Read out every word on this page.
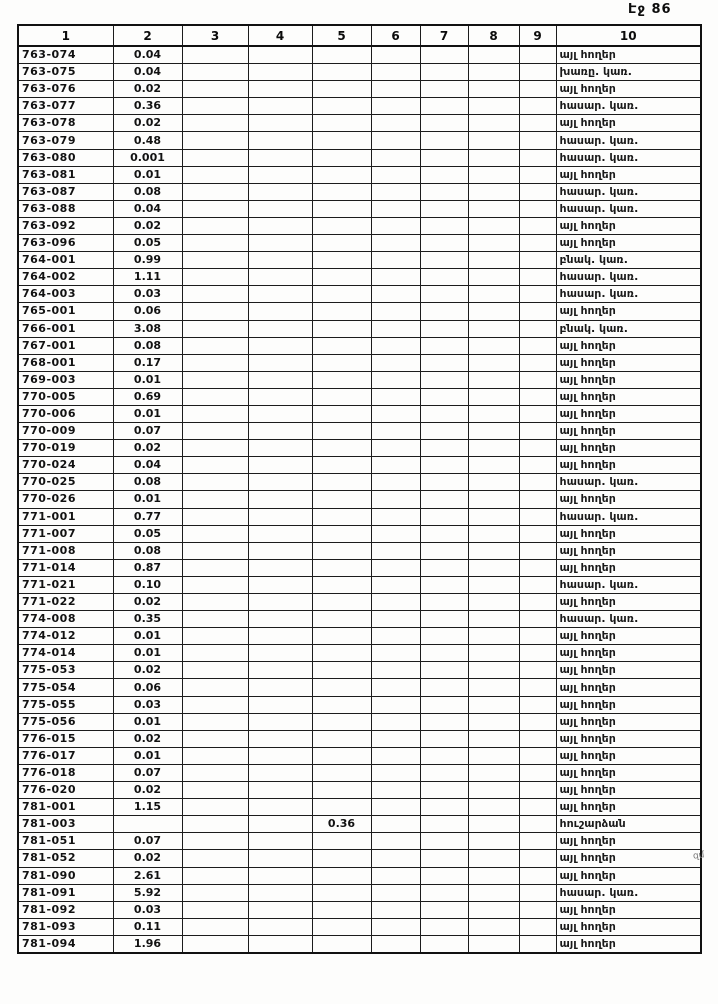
Էջ 86
1	2	3	4	5	6	7	8	9	10
763-074	0.04								այլ հողեր
763-075	0.04								խառը. կառ.
763-076	0.02								այլ հողեր
763-077	0.36								հասար. կառ.
763-078	0.02								այլ հողեր
763-079	0.48								հասար. կառ.
763-080	0.001								հասար. կառ.
763-081	0.01								այլ հողեր
763-087	0.08								հասար. կառ.
763-088	0.04								հասար. կառ.
763-092	0.02								այլ հողեր
763-096	0.05								այլ հողեր
764-001	0.99								բնակ. կառ.
764-002	1.11								հասար. կառ.
764-003	0.03								հասար. կառ.
765-001	0.06								այլ հողեր
766-001	3.08								բնակ. կառ.
767-001	0.08								այլ հողեր
768-001	0.17								այլ հողեր
769-003	0.01								այլ հողեր
770-005	0.69								այլ հողեր
770-006	0.01								այլ հողեր
770-009	0.07								այլ հողեր
770-019	0.02								այլ հողեր
770-024	0.04								այլ հողեր
770-025	0.08								հասար. կառ.
770-026	0.01								այլ հողեր
771-001	0.77								հասար. կառ.
771-007	0.05								այլ հողեր
771-008	0.08								այլ հողեր
771-014	0.87								այլ հողեր
771-021	0.10								հասար. կառ.
771-022	0.02								այլ հողեր
774-008	0.35								հասար. կառ.
774-012	0.01								այլ հողեր
774-014	0.01								այլ հողեր
775-053	0.02								այլ հողեր
775-054	0.06								այլ հողեր
775-055	0.03								այլ հողեր
775-056	0.01								այլ հողեր
776-015	0.02								այլ հողեր
776-017	0.01								այլ հողեր
776-018	0.07								այլ հողեր
776-020	0.02								այլ հողեր
781-001	1.15								այլ հողեր
781-003				0.36					հուշարձան
781-051	0.07								այլ հողեր
781-052	0.02								այլ հողեր
781-090	2.61								այլ հողեր
781-091	5.92								հասար. կառ.
781-092	0.03								այլ հողեր
781-093	0.11								այլ հողեր
781-094	1.96								այլ հողեր
զմ
